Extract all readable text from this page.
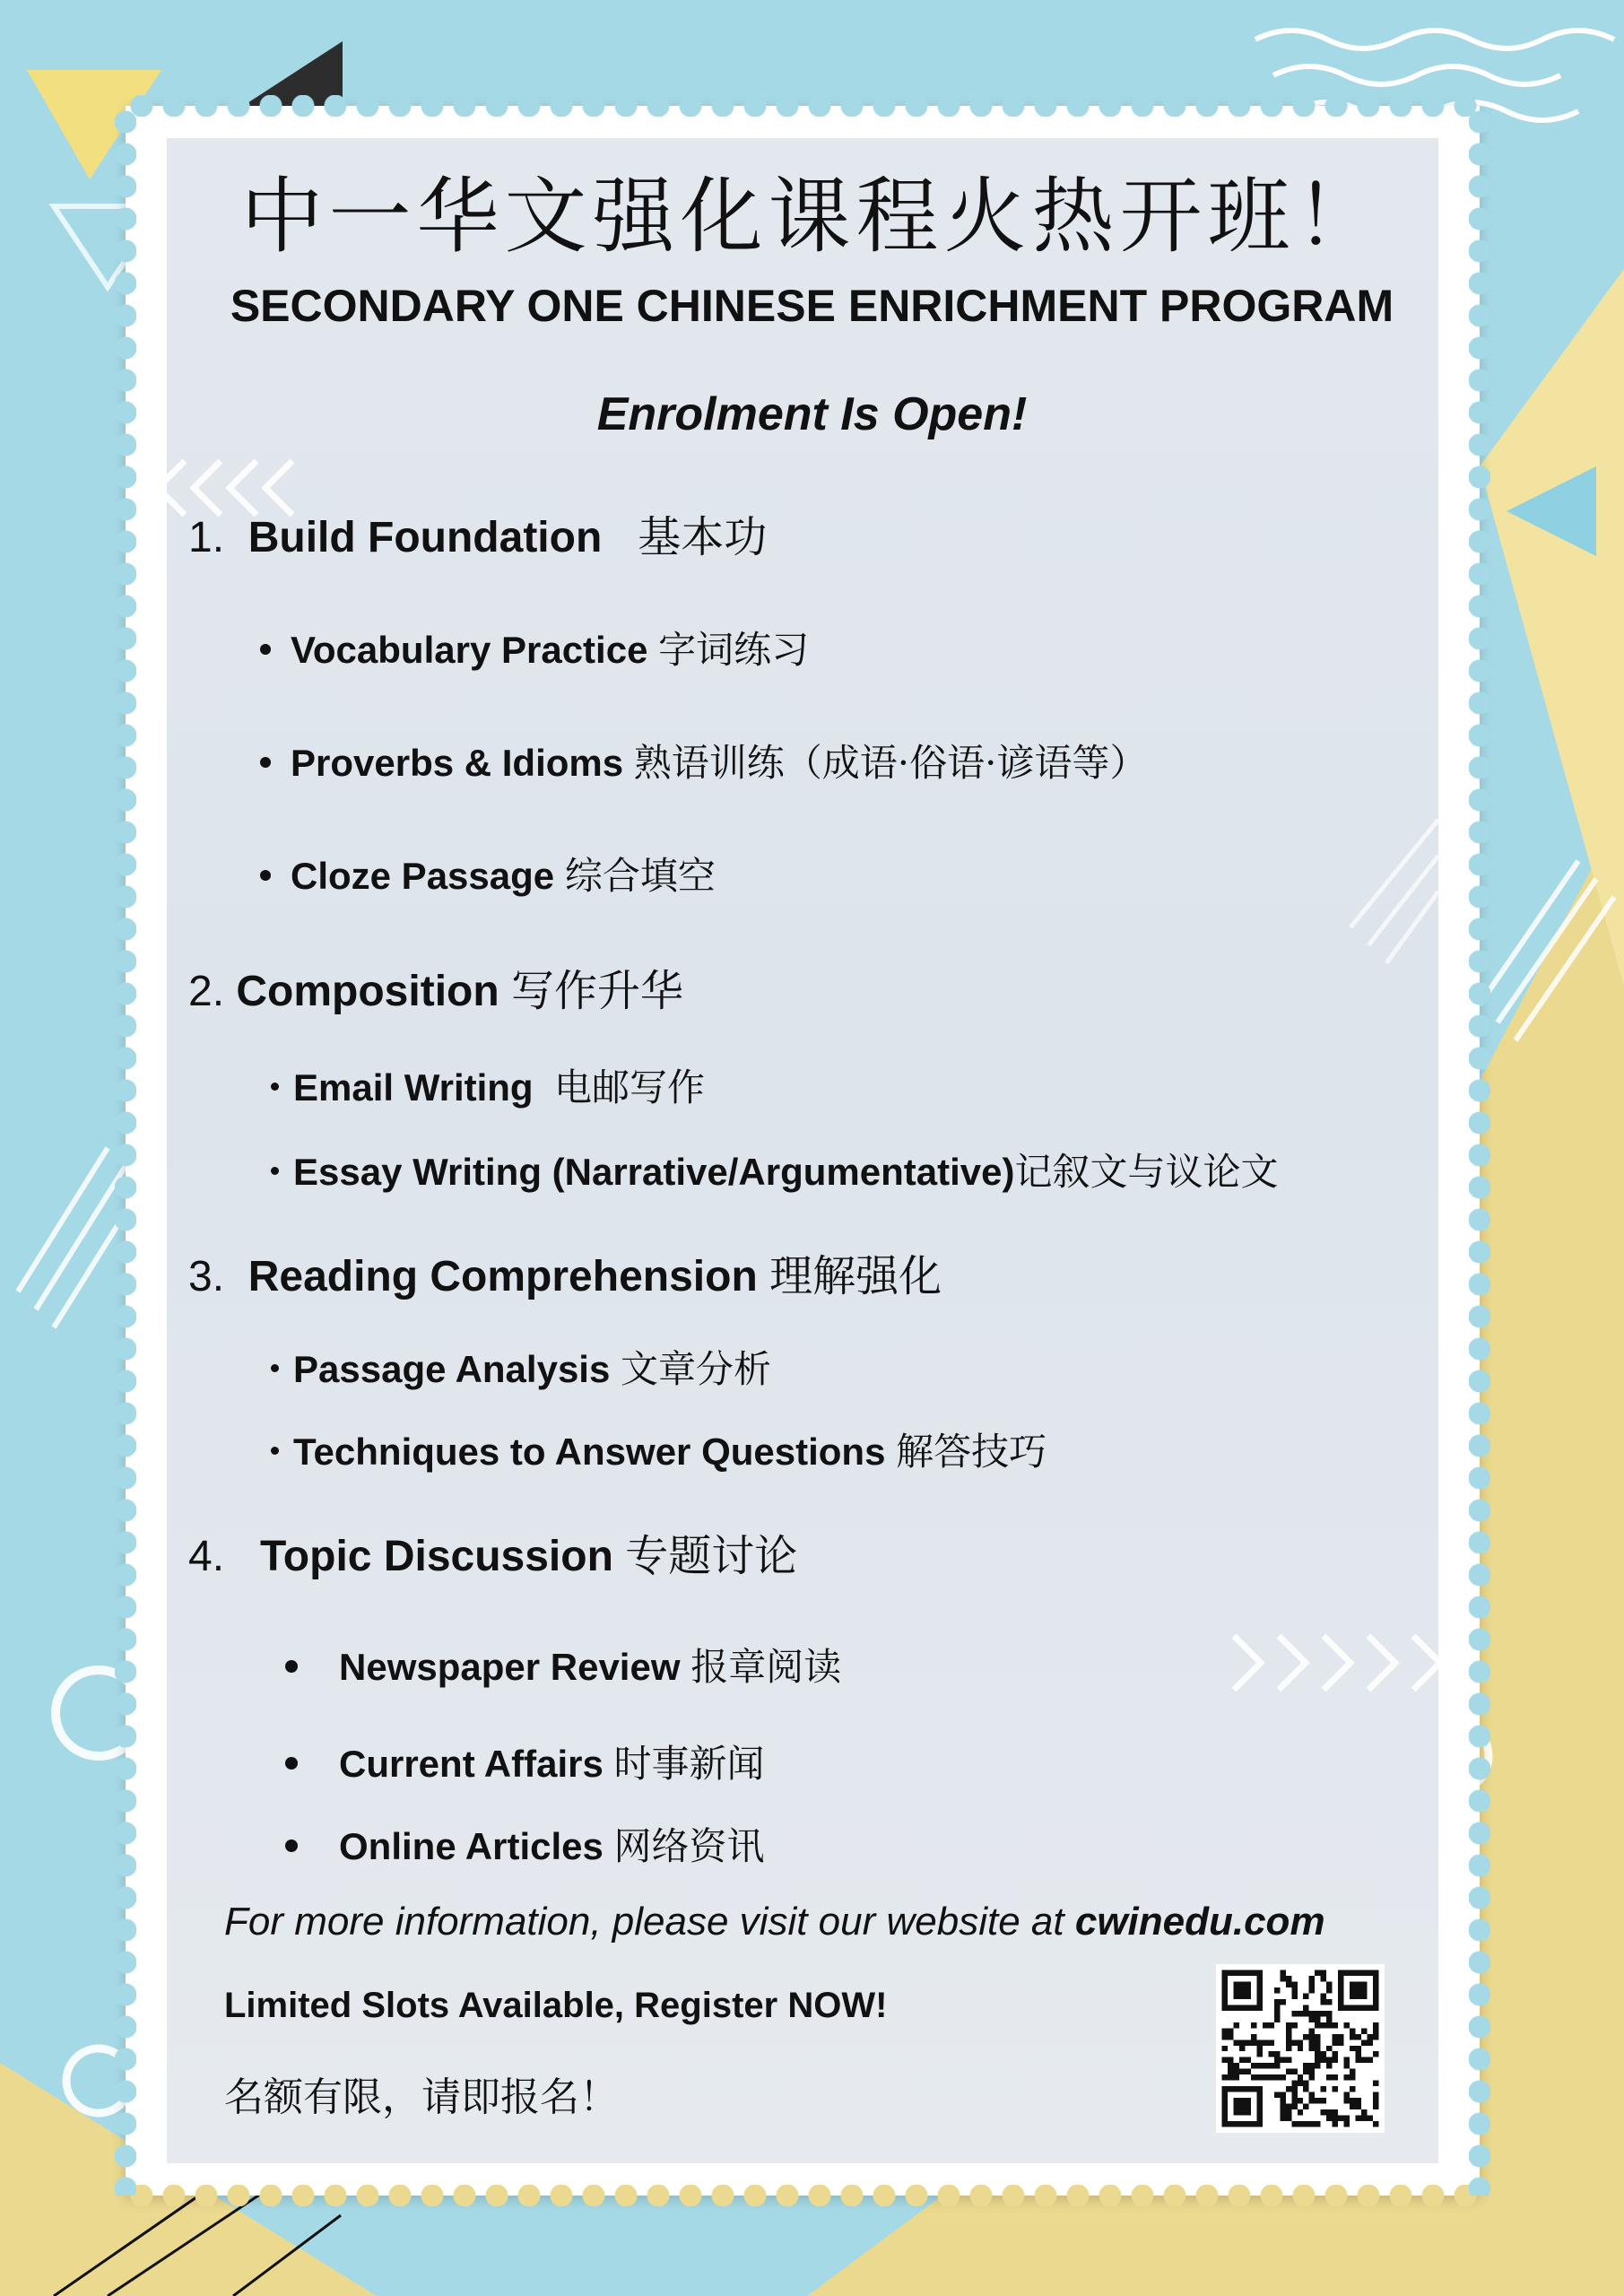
中一华文强化课程火热开班！
SECONDARY ONE CHINESE ENRICHMENT PROGRAM
Enrolment Is Open!
1. Build Foundation 基本功
Vocabulary Practice 字词练习
Proverbs & Idioms 熟语训练（成语·俗语·谚语等）
Cloze Passage 综合填空
2. Composition 写作升华
Email Writing 电邮写作
Essay Writing (Narrative/Argumentative)记叙文与议论文
3. Reading Comprehension 理解强化
Passage Analysis 文章分析
Techniques to Answer Questions 解答技巧
4. Topic Discussion 专题讨论
Newspaper Review 报章阅读
Current Affairs 时事新闻
Online Articles 网络资讯
For more information, please visit our website at cwinedu.com
Limited Slots Available, Register NOW!
名额有限，请即报名！
